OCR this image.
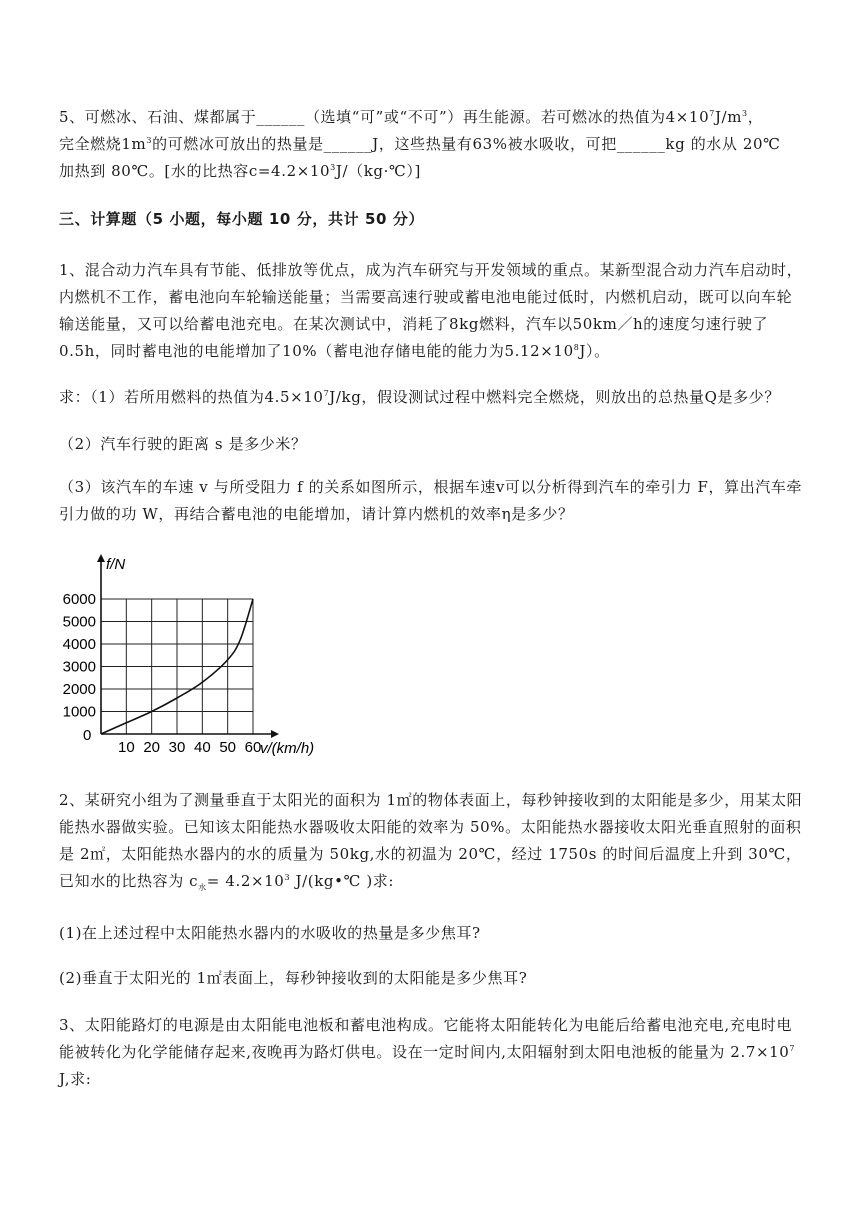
5、可燃冰、石油、煤都属于______（选填“可”或“不可”）再生能源。若可燃冰的热值为$4\times 10^7J/m^3$，
完全燃烧$1m^3$的可燃冰可放出的热量是______J，这些热量有63%被水吸收，可把______kg 的水从 20℃
加热到 80℃。[水的比热容$c=4.2\times 10^3J/(kg\cdot℃)$]

三、计算题（5 小题，每小题 10 分，共计 50 分）

1、混合动力汽车具有节能、低排放等优点，成为汽车研究与开发领域的重点。某新型混合动力汽车启动时，内燃机不工作，蓄电池向车轮输送能量；当需要高速行驶或蓄电池电能过低时，内燃机启动，既可以向车轮输送能量，又可以给蓄电池充电。在某次测试中，消耗了8kg燃料，汽车以50km／h的速度匀速行驶了0.5h，同时蓄电池的电能增加了10%（蓄电池存储电能的能力为$5.12\times 10^8J$）。

求：（1）若所用燃料的热值为$4.5\times 10^7J/kg$，假设测试过程中燃料完全燃烧，则放出的总热量Q是多少？

（2）汽车行驶的距离 s 是多少米？

（3）该汽车的车速 v 与所受阻力 f 的关系如图所示，根据车速v可以分析得到汽车的牵引力 F，算出汽车牵引力做的功 W，再结合蓄电池的电能增加，请计算内燃机的效率η是多少？

10 20 30 40 50 60
1000
2000
3000
4000
5000
6000
f/N
v/(km/h)
0

2、某研究小组为了测量垂直于太阳光的面积为 1㎡的物体表面上，每秒钟接收到的太阳能是多少，用某太阳能热水器做实验。已知该太阳能热水器吸收太阳能的效率为 50%。太阳能热水器接收太阳光垂直照射的面积是 2㎡，太阳能热水器内的水的质量为 50kg,水的初温为 20℃，经过 1750s 的时间后温度上升到 30℃，已知水的比热容为 $c_水= 4.2\times 10^3$ J/(kg•℃ )求:

(1)在上述过程中太阳能热水器内的水吸收的热量是多少焦耳?

(2)垂直于太阳光的 1㎡表面上，每秒钟接收到的太阳能是多少焦耳?

3、太阳能路灯的电源是由太阳能电池板和蓄电池构成。它能将太阳能转化为电能后给蓄电池充电,充电时电能被转化为化学能储存起来,夜晚再为路灯供电。设在一定时间内,太阳辐射到太阳电池板的能量为 $2.7\times 10^7$ J,求:
